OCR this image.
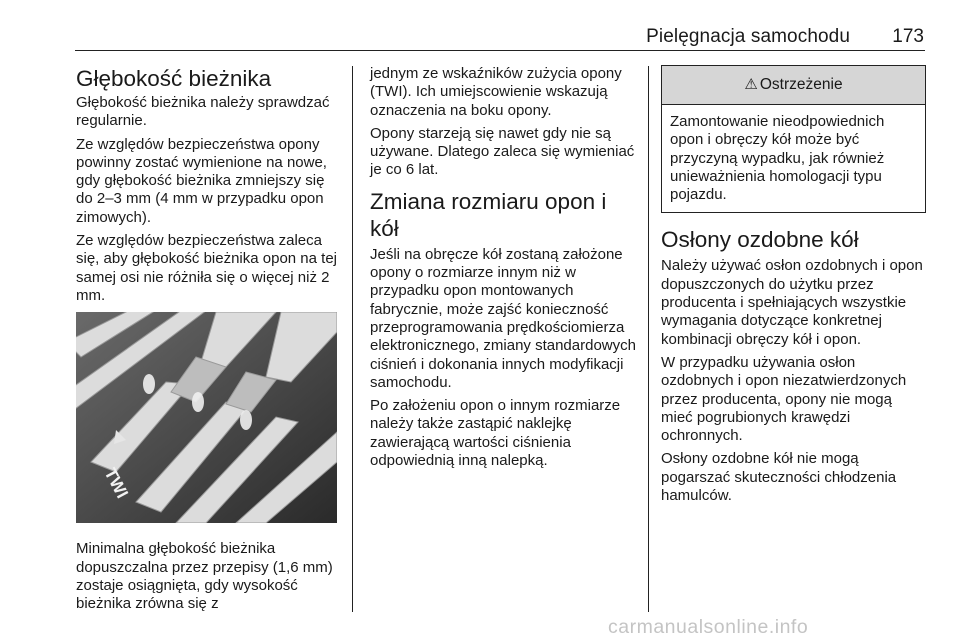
Pielęgnacja samochodu	173
Głębokość bieżnika

Głębokość bieżnika należy sprawdzać regularnie.

Ze względów bezpieczeństwa opony powinny zostać wymienione na nowe, gdy głębokość bieżnika zmniejszy się do 2–3 mm (4 mm w przypadku opon zimowych).

Ze względów bezpieczeństwa zaleca się, aby głębokość bieżnika opon na tej samej osi nie różniła się o więcej niż 2 mm.

TWI

Minimalna głębokość bieżnika dopuszczalna przez przepisy (1,6 mm) zostaje osiągnięta, gdy wysokość bieżnika zrówna się z

jednym ze wskaźników zużycia opony (TWI). Ich umiejscowienie wskazują oznaczenia na boku opony.

Opony starzeją się nawet gdy nie są używane. Dlatego zaleca się wymieniać je co 6 lat.

Zmiana rozmiaru opon i kół

Jeśli na obręcze kół zostaną założone opony o rozmiarze innym niż w przypadku opon montowanych fabrycznie, może zajść konieczność przeprogramowania prędkościomierza elektronicznego, zmiany standardowych ciśnień i dokonania innych modyfikacji samochodu.

Po założeniu opon o innym rozmiarze należy także zastąpić naklejkę zawierającą wartości ciśnienia odpowiednią inną nalepką.

⚠ Ostrzeżenie
Zamontowanie nieodpowiednich opon i obręczy kół może być przyczyną wypadku, jak również unieważnienia homologacji typu pojazdu.
Osłony ozdobne kół

Należy używać osłon ozdobnych i opon dopuszczonych do użytku przez producenta i spełniających wszystkie wymagania dotyczące konkretnej kombinacji obręczy kół i opon.

W przypadku używania osłon ozdobnych i opon niezatwierdzonych przez producenta, opony nie mogą mieć pogrubionych krawędzi ochronnych.

Osłony ozdobne kół nie mogą pogarszać skuteczności chłodzenia hamulców.

carmanualsonline.info
